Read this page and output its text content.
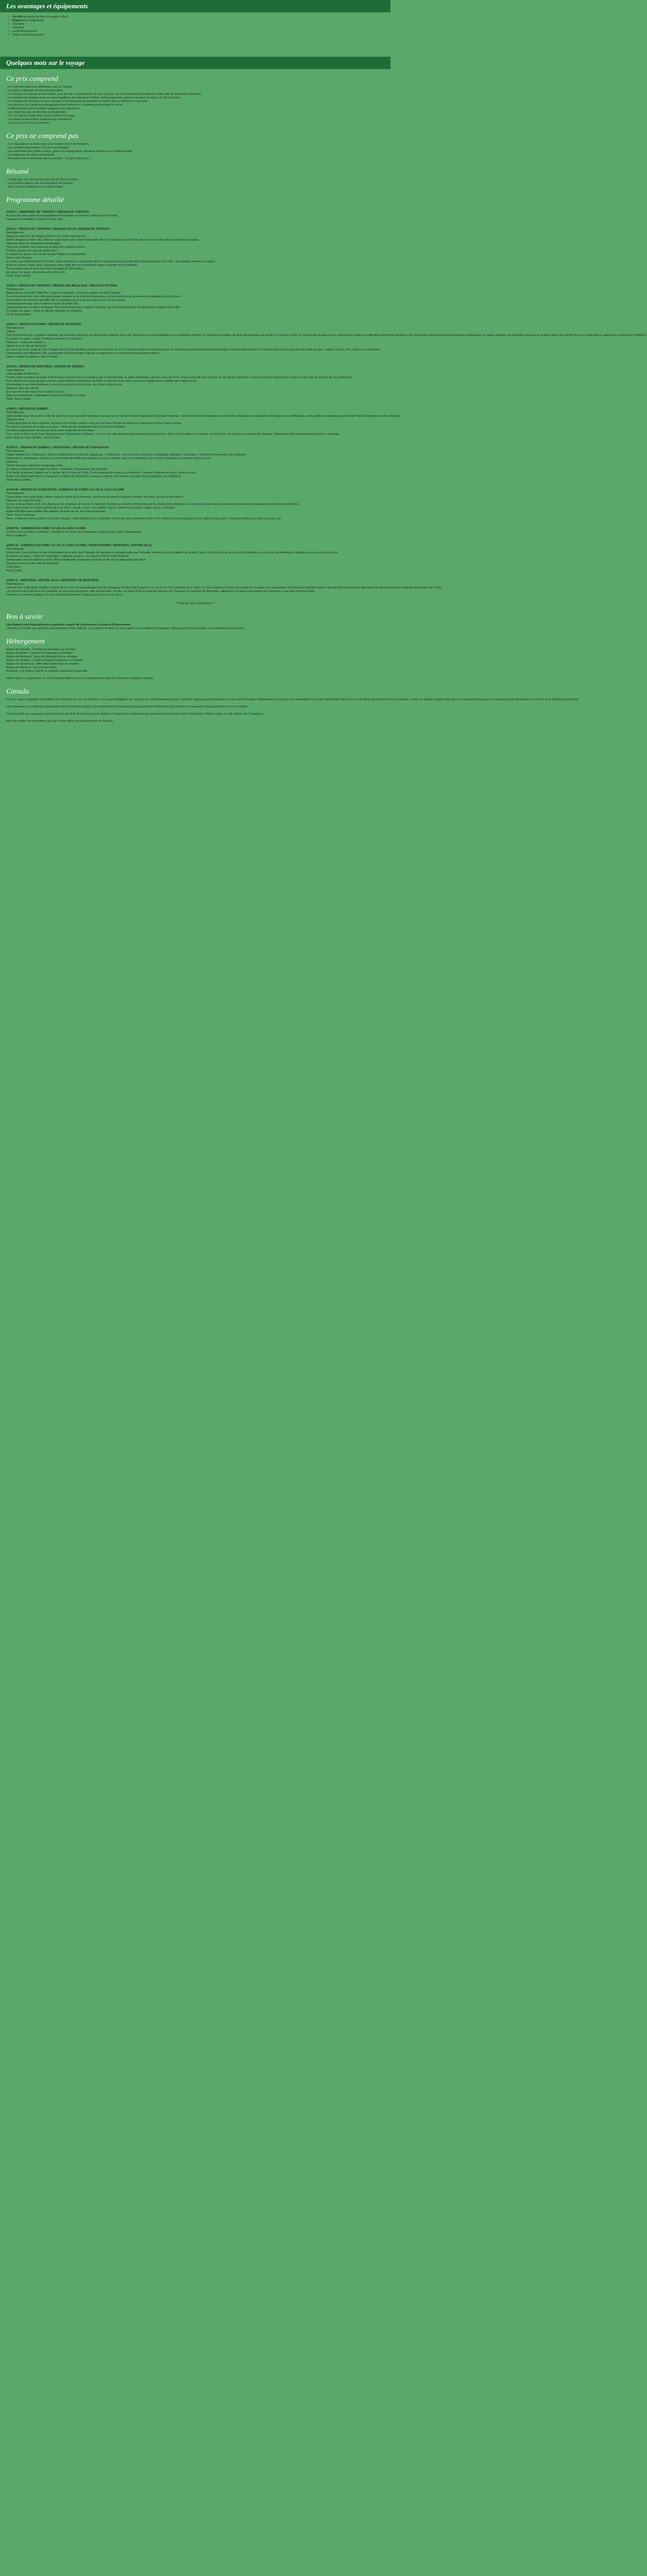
Les avantages et équipements
• Vol A/R au départ de Nice (+8 autres villes)
• Repas selon programme
• Chambre
• Transfert
• Guide francophone
• Visites selon programme
Quelques mots sur le voyage
Ce prix comprend

- Les vols internationaux aller/retour vers le Canada

- Les taxes d'aéroport et frais aéroportuaires

- Le transport en autocar grand confort, pour plus de 19 participants, du jour 2 au jour 10 à l'exception du transfert du centre-ville de Montréal à l'aéroport

- Le transport en minibus (avec ou sans chauffeur), de l'aéroport à l'hôtel, selon programme, pour les groupes de moins de 19 personnes

- Le transport en mini-bus, du jour 2 au jour 10 à l'exception du transfert du centre-ville de Montréal à l'aéroport

- Les services d'un guide accompagnateur francophone ou chauffeur-guide durant le circuit

- L'hébergement dans les hôtels suggérés au programme

- Les repas tels que mentionnés au programme

- The ou café et carafe d'eau servis pendant les repas

- Les visites et excursions indiquées au programme

- Les taxes et les frais de services

Ce prix ne comprend pas

- Les repas libres ou autres que ceux mentionnés et les boissons

- Les activités optionnelles et le port des bagages

- Les pourboires aux guides locaux, guide accompagnateur, chauffeur d'autocar ou chauffeur-guide

- Les dépenses de nature personnelle

- Prestation non mentionnée dans la section « Ce prix comprend »

Résumé

- L'idéal pour une découverte poussée de l'Est canadien.

- Les grandes étapes clés de la province de Québec

- Deux nuits à l'auberge & Lac-à-l'Eau-Claire

Programme détaillé

JOUR 1 : AEROPORT DE TORONTO / RÉGION DE TORONTO

Accueil par votre guide accompagnateur francophone à l'arrivée à l'aéroport de Toronto.

Transfert et installation à l'hôtel et dîner libre.

JOUR 2 : RÉGION DE TORONTO / NIAGARA FALLS / RÉGION DE TORONTO

Petit-déjeuner.

Départ en direction de Niagara Falls et ses chutes légendaires.

Arrêt à Niagara-on-the-Lake, Bâtisse à pied dans cette charmante petite ville dont l'architecture du XIXe siècle est l'une des mieux conservées au pays.

Déjeuner dans un restaurant panoramique.

Puis une croisière vous amènera au pied des célèbres chutes.

Profitez ensuite d'un peu de temps libre.

En option sur place : Survol des chutes Niagara en hélicoptère.

Retour vers Toronto.

En route, tour d'orientation de Toronto. Cette métropole cosmopolite offre le spectacle d'une grande ville vaste anecdotes de la ville : les quartiers animés et réputés.

Arrêt au célèbre Casa Loma. Démarrez votre visite par une promenade dans le quartier de la Distillerie.

Puis terminez par un arrêt à la Tour CN haute de 553 mètres.

En option sur place : Ascension de la Tour CN.

Dîner. Nuit à l'hôtel.

JOUR 3 : RÉGION DE TORONTO / RÉGION DES MILLE ÎLES / RÉGION D'OTTAWA

Petit-déjeuner.

Départ par la route des 'Mille Îles', région de Kingston, ancienne capitale du Haut-Canada.

Tour d'orientation de cette ville universitaire militaire et de première importance où les membres du gouvernement siègent au XIXe siècle.

Continuation en direction des Mille Îles en passant par la route qui longe la rive du St-Laurent.

Embarquement pour une croisière à travers les Mille Îles.

Continuation vers la région d'Ottawa. Tour d'orientation de la capitale nationale qui vous fera découvrir les plus beaux endroits de la ville.

En option sur place : Visite du Musée canadien de l'Histoire.

Dîner. Nuit à l'hôtel.

JOUR 4 : RÉGION D'OTTAWA / RÉGION DE MONTRÉAL

Petit-déjeuner.

Départ.

Tour d'orientation de la capitale nationale qui vous fera découvrir les plus beaux endroits de la ville. Découvrez la rue Wellington et ses bâtiments officiels, le Parlement canadien de style néo-gothique qui domine la Tour de la Paix, la Promenade Sussex où l'on retrouve les résidences officielles du Premier ministre et du Gouverneur général ainsi que plusieurs ambassades, les beaux quartiers de Rockcliffe ainsi que le quartier animé du marché By et le Canal Rideau, patrimoine mondial de l'UNESCO.

En option sur place : Visite du Musée canadien de l'Histoire.

Déjeuner « tartine du monde ».

Départ vers la ville de Montréal.

En cours de route, visite du Parc Omega. À bord d'un autobus, parcourez un chemin de 10 km à travers lequel vous découvrirez de nombreuses espèces d'animaux sauvages vivant en liberté dans leur habitat naturel et au plus près de votre groupe : wapitis, bisons, cerfs, loups ou encore ours.

Continuation vers Montréal, ville cosmopolite où les héritages français et anglo-saxons coexistent dans plusieurs siècles.

Dîner « soirée de parfum » Nuit à l'hôtel.

JOUR 5 : RÉGION DE MONTRÉAL / RÉGION DE QUÉBEC

Petit-déjeuner.

Visite guidée de Montréal.

Prenez votre chauffeur ou guide à Mont Royal, surnommé 'la montagne' par les Montréalais, le stade Olympique, site des Jeux de 1976, avant sa facade tour inclinée, la rue Sainte-Catherine et son réseau très fréquenté à commerce ainsi que le quartier du Vieux-Montréal.

Puis, découvrez la plus grande marché public extérieur d'Amérique du Nord, le Marché Jean-Talon, découvrez également sa station des métiers d'art.

Montréalais et aux Montréalaises un accès aux produits de la terre, de la mer et du monde.

Déjeuner libre au marché.

En cours de route visite d'une cabane à sucre.

Déjeuner traditionnel, dégustation d'une tire d'érable sur neige.

Dîner. Nuit à l'hôtel.

JOUR 6 : RÉGION DE QUÉBEC

Petit-déjeuner.

Visite guidée pour découvrir la ville de Québec et son caractère européen, unique sur ce continent avec l'Impossant Château Frontenac, l'Hôtel du Parlement québécois, les Plaines d'Abraham, la Citadelle à la Vaubam, les fortifications, sans oublier le pittoresque quartier du Petit-Champlain et la Place Royale.

Déjeuner libre.

Temps libre dans le Vieux-Québec. À pied ou en voiture, rendez-vous vers la Place Royale et admirez le majestueux fleuve Saint-Laurent.

En option à réserver et à régler sur place : Visite du site traditionnel Huron Onhoüa Chetek8e.

En milieu d'après-midi, découvrez de la pente ouest de l'île d'Orléans.

Puis, arrêt au Parc de la Chute Montmorency. Entre fleuve et falaises, c'est un des sites les plus spectaculaires de la province. Avec ses 83 mètres de hauteur, soit 30 mètres de plus que les chutes du Niagara, l'imposante chute Montmorency domine le paysage.

Dîner dans le Vieux-Québec. Nuit à l'hôtel.

JOUR 07 : RÉGION DE QUÉBEC / TADOUSSAC / RÉGION DE CHARLEVOIX

Petit-déjeuner.

Départ matinal vers Tadoussac. Situé à l'embouchure du fjord du Saguenay, « Tadoussac » est un ancien d'origine montagnaise signifiant « mamelle ». Croisière d'observation des baleines.

Départ par le petit bateau. Découvrez l'ensemble des différents quartiers du parc national, situé à l'embouchure de la rivière Saguenay et le fleuve Saint-Laurent.

Déjeuner.

Temps libre pour apprécier le paysage marin.

En option à réserver et à régler sur place : Croisière d'observation des baleines.

Si le temps le permet, balade sur le sentier de la Pointe de l'Islet. D'une longueur de moins d'un kilomètre, il permet d'admirer le fleuve Saint-Laurent.

Route vers Baie-Saint-Paul en traversant la région de Charlevoix, reconnue comme une réserve mondiale de la biosphère par l'UNESCO.

Dîner. Nuit à l'hôtel.

JOUR 08 : RÉGION DE CHARLEVOIX / AUBERGE DE FORËT LE LAC-À-L'EAU-CLAIRE

Petit-déjeuner.

Continuation vers votre étape nature, dans la région de la Mauricie, synonyme de grands espaces naturels, de forêts, de lacs et de rivières.

Déjeuner en cours de route.

Le Lac-à-l'Eau-Claire est le site idéal pour les amateurs de nature et d'activités de plein air. Autrefois fréquenté par les amérindiens Abénakis, le Lac-à-l'Eau-Claire qui se situe dans un secteur montagneux, bordé d'une forêt dense.

Dans l'après-midi, en saison activité de votre choix : kayak, canot, vélo, pédalo, kayak, randonnée pédestre, plage, tennis, volleyball.

Après-midi libre pour profiter des activités de plein air sur une base autonome.

Dîner. Nuit à l'auberge.

Note : L'hébergement est prévu en chalet. Chaque chalet dispose d'une cuisinette, d'un salon avec cheminée et de 4 à 6 chambres toutes équipées d'une salle de bain privée. Chaque chambre possède sa propre clé.

JOUR 09 : AUBERGE EN FORËT LE LAC-À-L'EAU-CLAIRE

Profitez d'une journée en pension complète et de toutes les prestations proposées par votre hébergement.

Nuit à l'auberge.

JOUR 10 : AUBERGE EN FORËT LE LAC-À-L'EAU-CLAIRE / TROIS RIVIÈRES / MONTRÉAL CENTRE-VILLE

Petit-déjeuner.

Route vers Trois-Rivières et tour d'orientation de la ville, dont l'histoire fut marquée en grande partie par l'industrie forestière et l'exploitation de la forêt. Située à l'embouchure de la rivière St-Maurice, à mi-chemin de Montréal et Québec sur la rive nord du fleuve.

En option sur place : Visite de l'exposition « Attache ta tuque » au Musée POP de Trois-Rivières.

Continuation vers la cabane à sucre. Menu traditionnel, animation musicale et tire sur la neige vous attendent.

Transfert vers le centre-ville de Montréal.

Dîner libre.

Nuit à l'hôtel.

JOUR 11 : MONTRÉAL CENTRE-VILLE / AÉROPORT DE MONTRÉAL

Petit-déjeuner.

Journée libre à Montréal. Profitez en pour faire un peu de magasinage dans les boutiques du Montréal souterrain ou sur la rue Ste-Catherine pour visiter l'un des nombreux musées de la ville (en compter une cinquantaine d'institutions muséales dans la grande Montréal) ou pour découvrir l'un des grands parcs et jardins botaniques de la ville.

Les services de l'autocar et du chauffeur ne sont pas inclus pour cette journée libre en ville. Un ticket STM à la journée (Service de Transport en commun de Montréal), valide pour 24 heures au moment de l'activation, vous sera toutefois remis.

Transfert en navette publique 747 vers l'aéroport Montréal-Trudeau pour votre vol de retour.

***FIN DE NOS SERVICES***
Bon à savoir

Les départs sont francophones et garantis à partir de 2 personnes et jusqu'à 34 personnes.

L'itinéraire et l'ordre des activités sont présentés à titre indicatif. Les activités de plein air sont sujettes aux conditions climatiques. Elles peuvent être annulées ou remplacées sans préavis.

Hébergement

Région de Toronto : Comfort Inn Brampton ou similaire

Région d'Ottawa : Comfort Inn Gatineau ou similaire

Région de Montréal : Days Inn Montréal Est ou similaire

Région de Québec : Château Repotel Duplessis ou similaire

Région de Charlevoix : Hôtel Baie-Saint-Paul ou similaire

Région de Mauricie : Lac-à-l'Eau-Claire

Montréal : Les Suites Labelle ou similaire, Montréal Centre-Ville

Hôtels listés au programme, en cas d'indisponibilité de ceux-ci, hébergement dans des hôtels de catégorie similaire.

Canada

Pour un séjour touristique ou d'affaires de moins de six mois au Canada, il n'y a pas d'obligation de visa pour les ressortissants français. Toutefois, toute personne exemptée de visa doit demander, suffisamment à l'avance, une autorisation de voyage électronique (AVE) sur le site officiel du gouvernement du Canada. L'AVE est valable pendant cinq ans. Les documents requis sont un passeport, afin de prendre les termes de la validité du passeport.

Les voyageurs se rendant au Canada par voie terrestre ou maritime, les ressortissants français n'auront pas besoin d'AVE mais devront être en possession de passeport en cours de validité.

Il est conseillé aux voyageurs qui demandent une AVE de faire preuve de vigilance à l'égard des entreprises qui proposent des services d'aide à l'obtention d'AVE en ligne. Le site officiel est : Canada.ca.

Merci de vérifier les formalités à jour sur le site officiel du gouvernement du Canada.
